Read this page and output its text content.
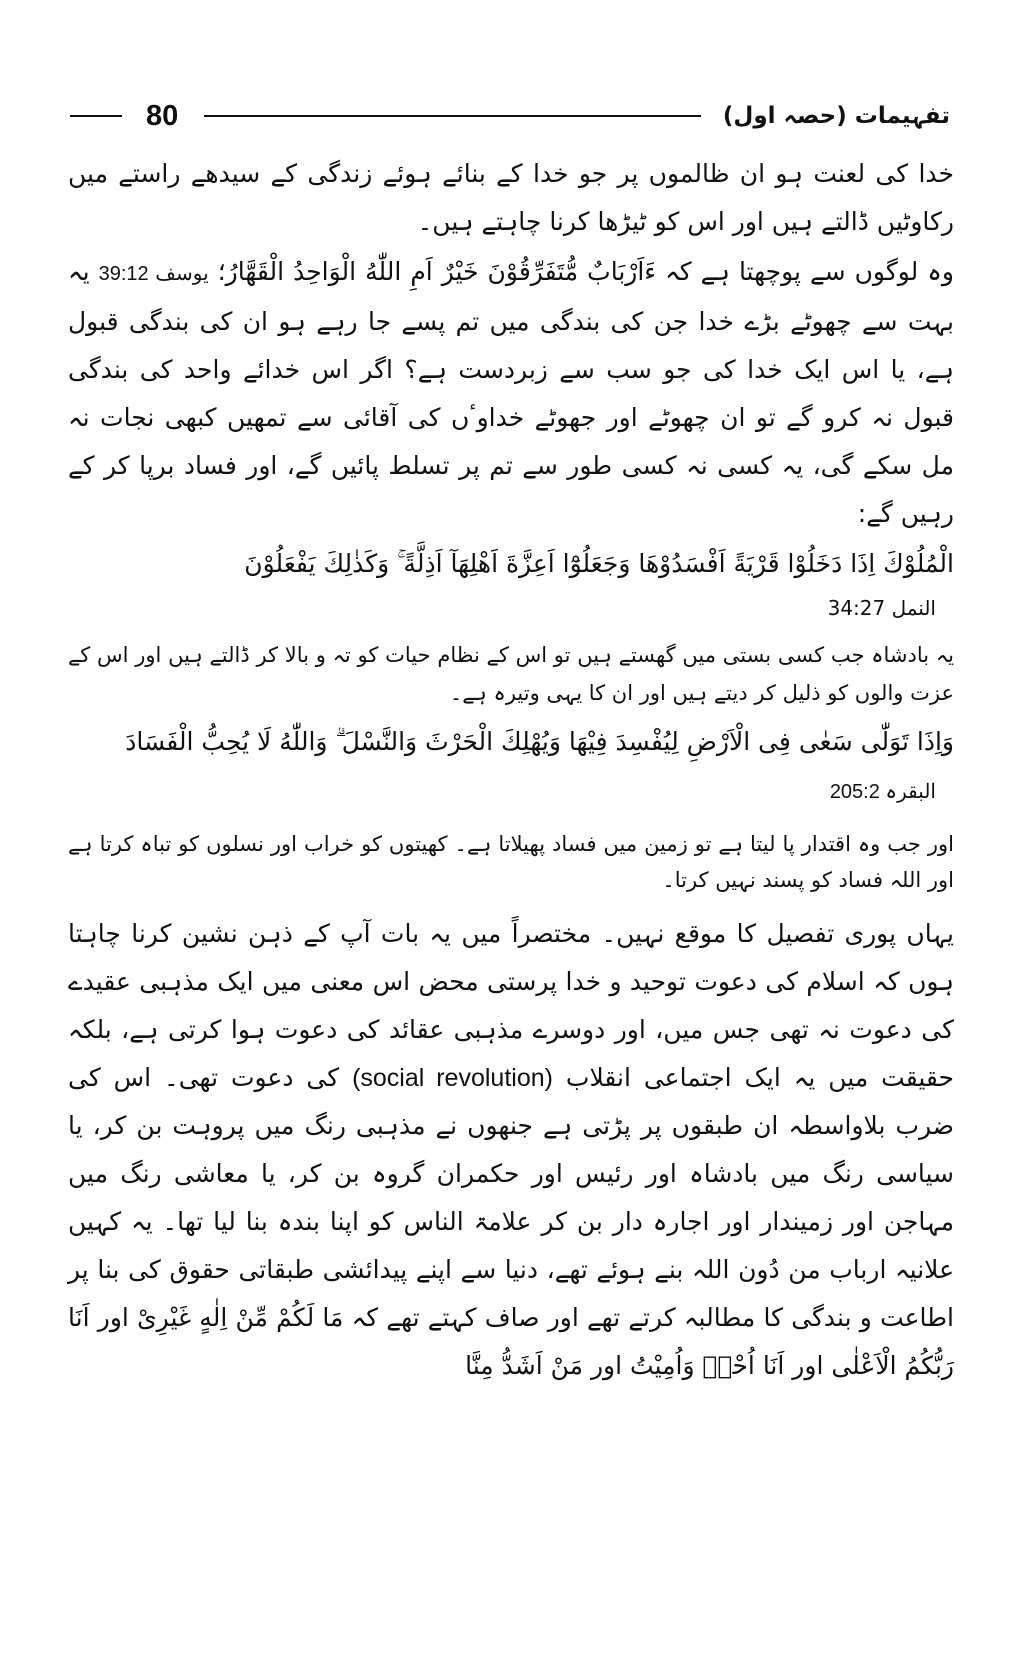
تفہیمات (حصہ اول)
80

خدا کی لعنت ہو ان ظالموں پر جو خدا کے بنائے ہوئے زندگی کے سیدھے راستے میں رکاوٹیں ڈالتے ہیں اور اس کو ٹیڑھا کرنا چاہتے ہیں۔

وہ لوگوں سے پوچھتا ہے کہ ءَاَرْبَابٌ مُّتَفَرِّقُوْنَ خَيْرٌ اَمِ اللّٰهُ الْوَاحِدُ الْقَهَّارُ؛ یوسف 39:12 یہ بہت سے چھوٹے بڑے خدا جن کی بندگی میں تم پسے جا رہے ہو ان کی بندگی قبول ہے، یا اس ایک خدا کی جو سب سے زبردست ہے؟ اگر اس خدائے واحد کی بندگی قبول نہ کرو گے تو ان چھوٹے اور جھوٹے خداوٴں کی آقائی سے تمھیں کبھی نجات نہ مل سکے گی، یہ کسی نہ کسی طور سے تم پر تسلط پائیں گے، اور فساد برپا کر کے رہیں گے:

الْمُلُوْكَ اِذَا دَخَلُوْا قَرْيَةً اَفْسَدُوْهَا وَجَعَلُوْٓا اَعِزَّةَ اَهْلِهَآ اَذِلَّةً ۚ وَكَذٰلِكَ يَفْعَلُوْنَ

النمل 34:27

یہ بادشاہ جب کسی بستی میں گھستے ہیں تو اس کے نظام حیات کو تہ و بالا کر ڈالتے ہیں اور اس کے عزت والوں کو ذلیل کر دیتے ہیں اور ان کا یہی وتیرہ ہے۔

وَاِذَا تَوَلّٰى سَعٰى فِى الْاَرْضِ لِيُفْسِدَ فِيْهَا وَيُهْلِكَ الْحَرْثَ وَالنَّسْلَ ۗ وَاللّٰهُ لَا يُحِبُّ الْفَسَادَ البقرہ 205:2

اور جب وہ اقتدار پا لیتا ہے تو زمین میں فساد پھیلاتا ہے۔ کھیتوں کو خراب اور نسلوں کو تباہ کرتا ہے اور اللہ فساد کو پسند نہیں کرتا۔

یہاں پوری تفصیل کا موقع نہیں۔ مختصراً میں یہ بات آپ کے ذہن نشین کرنا چاہتا ہوں کہ اسلام کی دعوت توحید و خدا پرستی محض اس معنی میں ایک مذہبی عقیدے کی دعوت نہ تھی جس میں، اور دوسرے مذہبی عقائد کی دعوت ہوا کرتی ہے، بلکہ حقیقت میں یہ ایک اجتماعی انقلاب (social revolution) کی دعوت تھی۔ اس کی ضرب بلاواسطہ ان طبقوں پر پڑتی ہے جنھوں نے مذہبی رنگ میں پروہت بن کر، یا سیاسی رنگ میں بادشاہ اور رئیس اور حکمران گروہ بن کر، یا معاشی رنگ میں مہاجن اور زمیندار اور اجارہ دار بن کر علامۃ الناس کو اپنا بندہ بنا لیا تھا۔ یہ کہیں علانیہ ارباب من دُون اللہ بنے ہوئے تھے، دنیا سے اپنے پیدائشی طبقاتی حقوق کی بنا پر اطاعت و بندگی کا مطالبہ کرتے تھے اور صاف کہتے تھے کہ مَا لَكُمْ مِّنْ اِلٰهٍ غَيْرِىْ اور اَنَا رَبُّكُمُ الْاَعْلٰى اور اَنَا اُحْىٖ وَاُمِيْتُ اور مَنْ اَشَدُّ مِنَّا
